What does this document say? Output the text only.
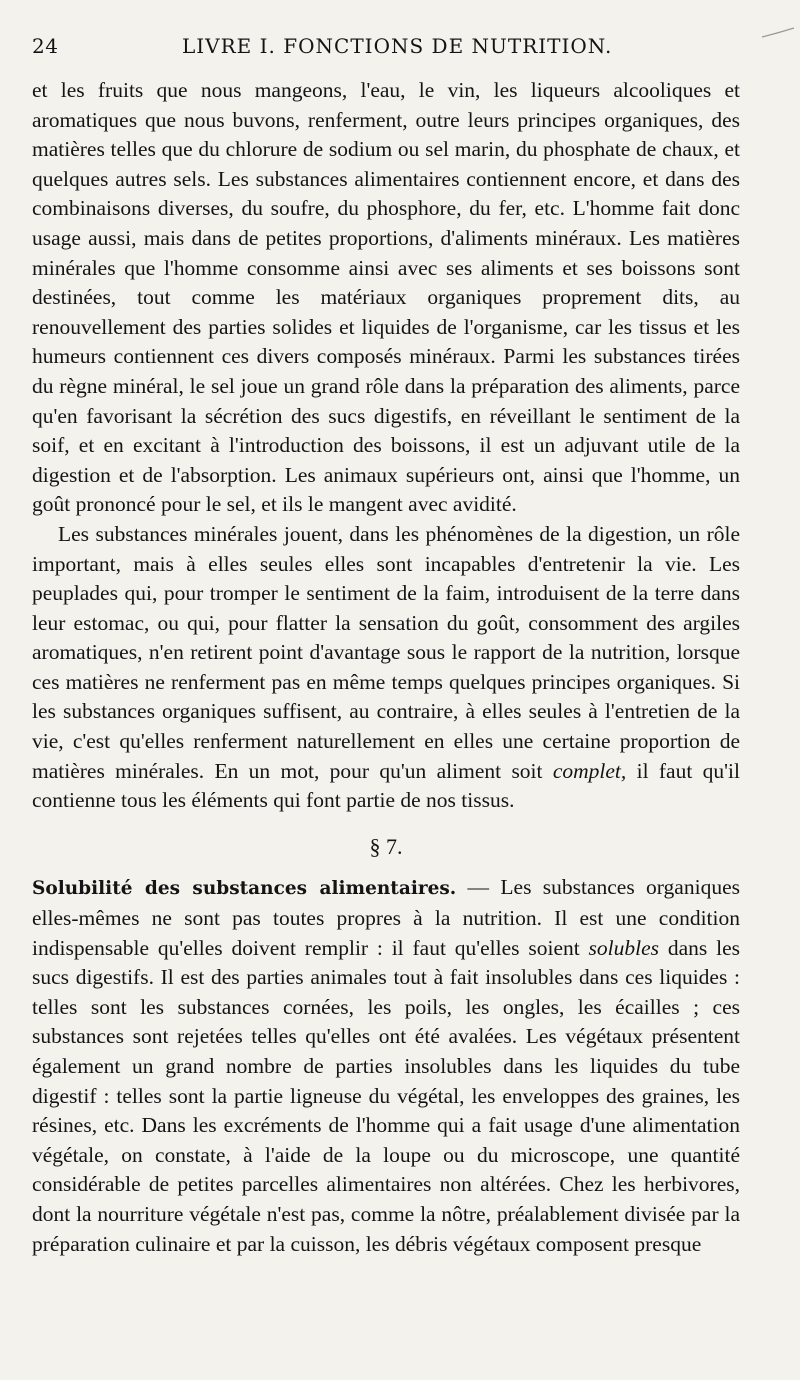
24	LIVRE I. FONCTIONS DE NUTRITION.

et les fruits que nous mangeons, l'eau, le vin, les liqueurs alcooliques et aromatiques que nous buvons, renferment, outre leurs principes organiques, des matières telles que du chlorure de sodium ou sel marin, du phosphate de chaux, et quelques autres sels. Les substances alimentaires contiennent encore, et dans des combinaisons diverses, du soufre, du phosphore, du fer, etc. L'homme fait donc usage aussi, mais dans de petites proportions, d'aliments minéraux. Les matières minérales que l'homme consomme ainsi avec ses aliments et ses boissons sont destinées, tout comme les matériaux organiques proprement dits, au renouvellement des parties solides et liquides de l'organisme, car les tissus et les humeurs contiennent ces divers composés minéraux. Parmi les substances tirées du règne minéral, le sel joue un grand rôle dans la préparation des aliments, parce qu'en favorisant la sécrétion des sucs digestifs, en réveillant le sentiment de la soif, et en excitant à l'introduction des boissons, il est un adjuvant utile de la digestion et de l'absorption. Les animaux supérieurs ont, ainsi que l'homme, un goût prononcé pour le sel, et ils le mangent avec avidité.

Les substances minérales jouent, dans les phénomènes de la digestion, un rôle important, mais à elles seules elles sont incapables d'entretenir la vie. Les peuplades qui, pour tromper le sentiment de la faim, introduisent de la terre dans leur estomac, ou qui, pour flatter la sensation du goût, consomment des argiles aromatiques, n'en retirent point d'avantage sous le rapport de la nutrition, lorsque ces matières ne renferment pas en même temps quelques principes organiques. Si les substances organiques suffisent, au contraire, à elles seules à l'entretien de la vie, c'est qu'elles renferment naturellement en elles une certaine proportion de matières minérales. En un mot, pour qu'un aliment soit complet, il faut qu'il contienne tous les éléments qui font partie de nos tissus.

§ 7.

Solubilité des substances alimentaires. — Les substances organiques elles-mêmes ne sont pas toutes propres à la nutrition. Il est une condition indispensable qu'elles doivent remplir : il faut qu'elles soient solubles dans les sucs digestifs. Il est des parties animales tout à fait insolubles dans ces liquides : telles sont les substances cornées, les poils, les ongles, les écailles ; ces substances sont rejetées telles qu'elles ont été avalées. Les végétaux présentent également un grand nombre de parties insolubles dans les liquides du tube digestif : telles sont la partie ligneuse du végétal, les enveloppes des graines, les résines, etc. Dans les excréments de l'homme qui a fait usage d'une alimentation végétale, on constate, à l'aide de la loupe ou du microscope, une quantité considérable de petites parcelles alimentaires non altérées. Chez les herbivores, dont la nourriture végétale n'est pas, comme la nôtre, préalablement divisée par la préparation culinaire et par la cuisson, les débris végétaux composent presque
